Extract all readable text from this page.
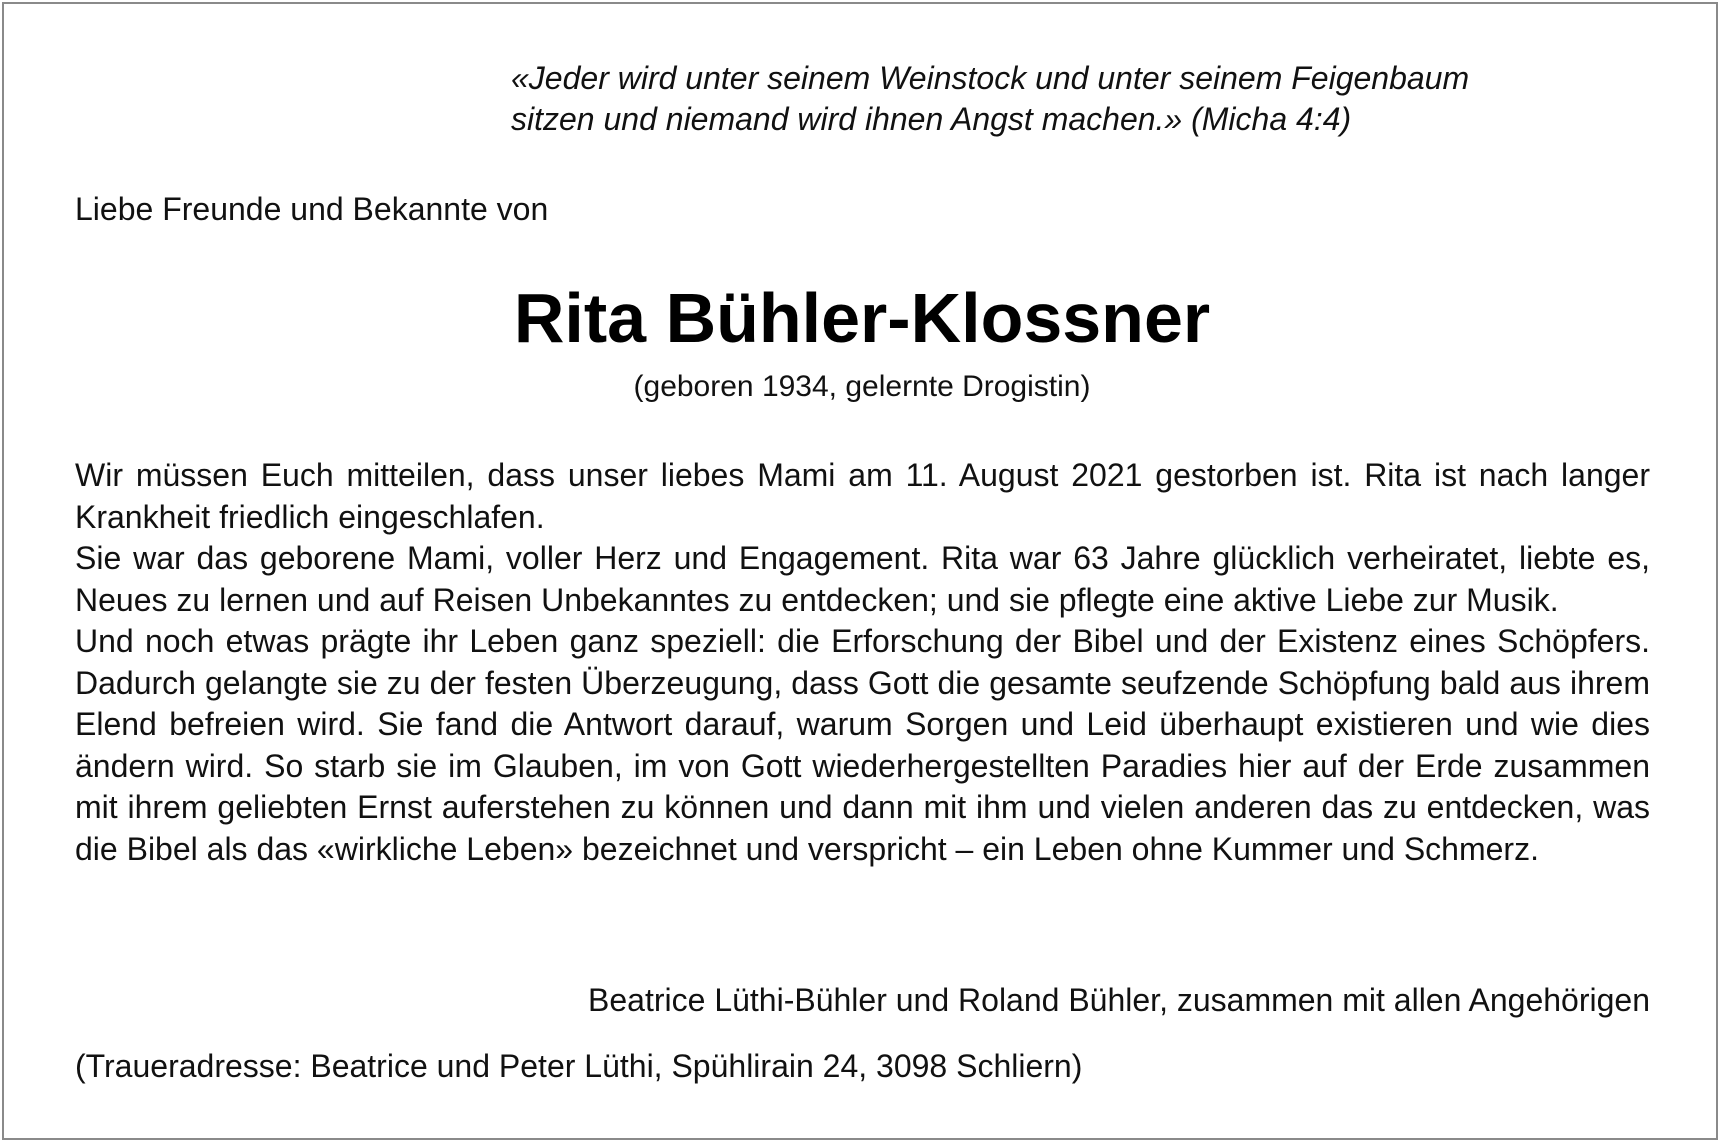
«Jeder wird unter seinem Weinstock und unter seinem Feigenbaum
sitzen und niemand wird ihnen Angst machen.» (Micha 4:4)
Liebe Freunde und Bekannte von
Rita Bühler-Klossner
(geboren 1934, gelernte Drogistin)

Wir müssen Euch mitteilen, dass unser liebes Mami am 11. August 2021 gestorben ist. Rita ist nach langer Krankheit friedlich eingeschlafen.

Sie war das geborene Mami, voller Herz und Engagement. Rita war 63 Jahre glücklich verheiratet, liebte es, Neues zu lernen und auf Reisen Unbekanntes zu entdecken; und sie pflegte eine aktive Liebe zur Musik.

Und noch etwas prägte ihr Leben ganz speziell: die Erforschung der Bibel und der Existenz eines Schöpfers. Dadurch gelangte sie zu der festen Überzeugung, dass Gott die gesamte seufzende Schöpfung bald aus ihrem Elend befreien wird. Sie fand die Antwort darauf, warum Sorgen und Leid überhaupt existieren und wie dies ändern wird. So starb sie im Glauben, im von Gott wiederhergestellten Paradies hier auf der Erde zusammen mit ihrem geliebten Ernst auferstehen zu können und dann mit ihm und vielen anderen das zu entdecken, was die Bibel als das «wirkliche Leben» bezeichnet und verspricht – ein Leben ohne Kummer und Schmerz.

Beatrice Lüthi-Bühler und Roland Bühler, zusammen mit allen Angehörigen
(Traueradresse: Beatrice und Peter Lüthi, Spühlirain 24, 3098 Schliern)
